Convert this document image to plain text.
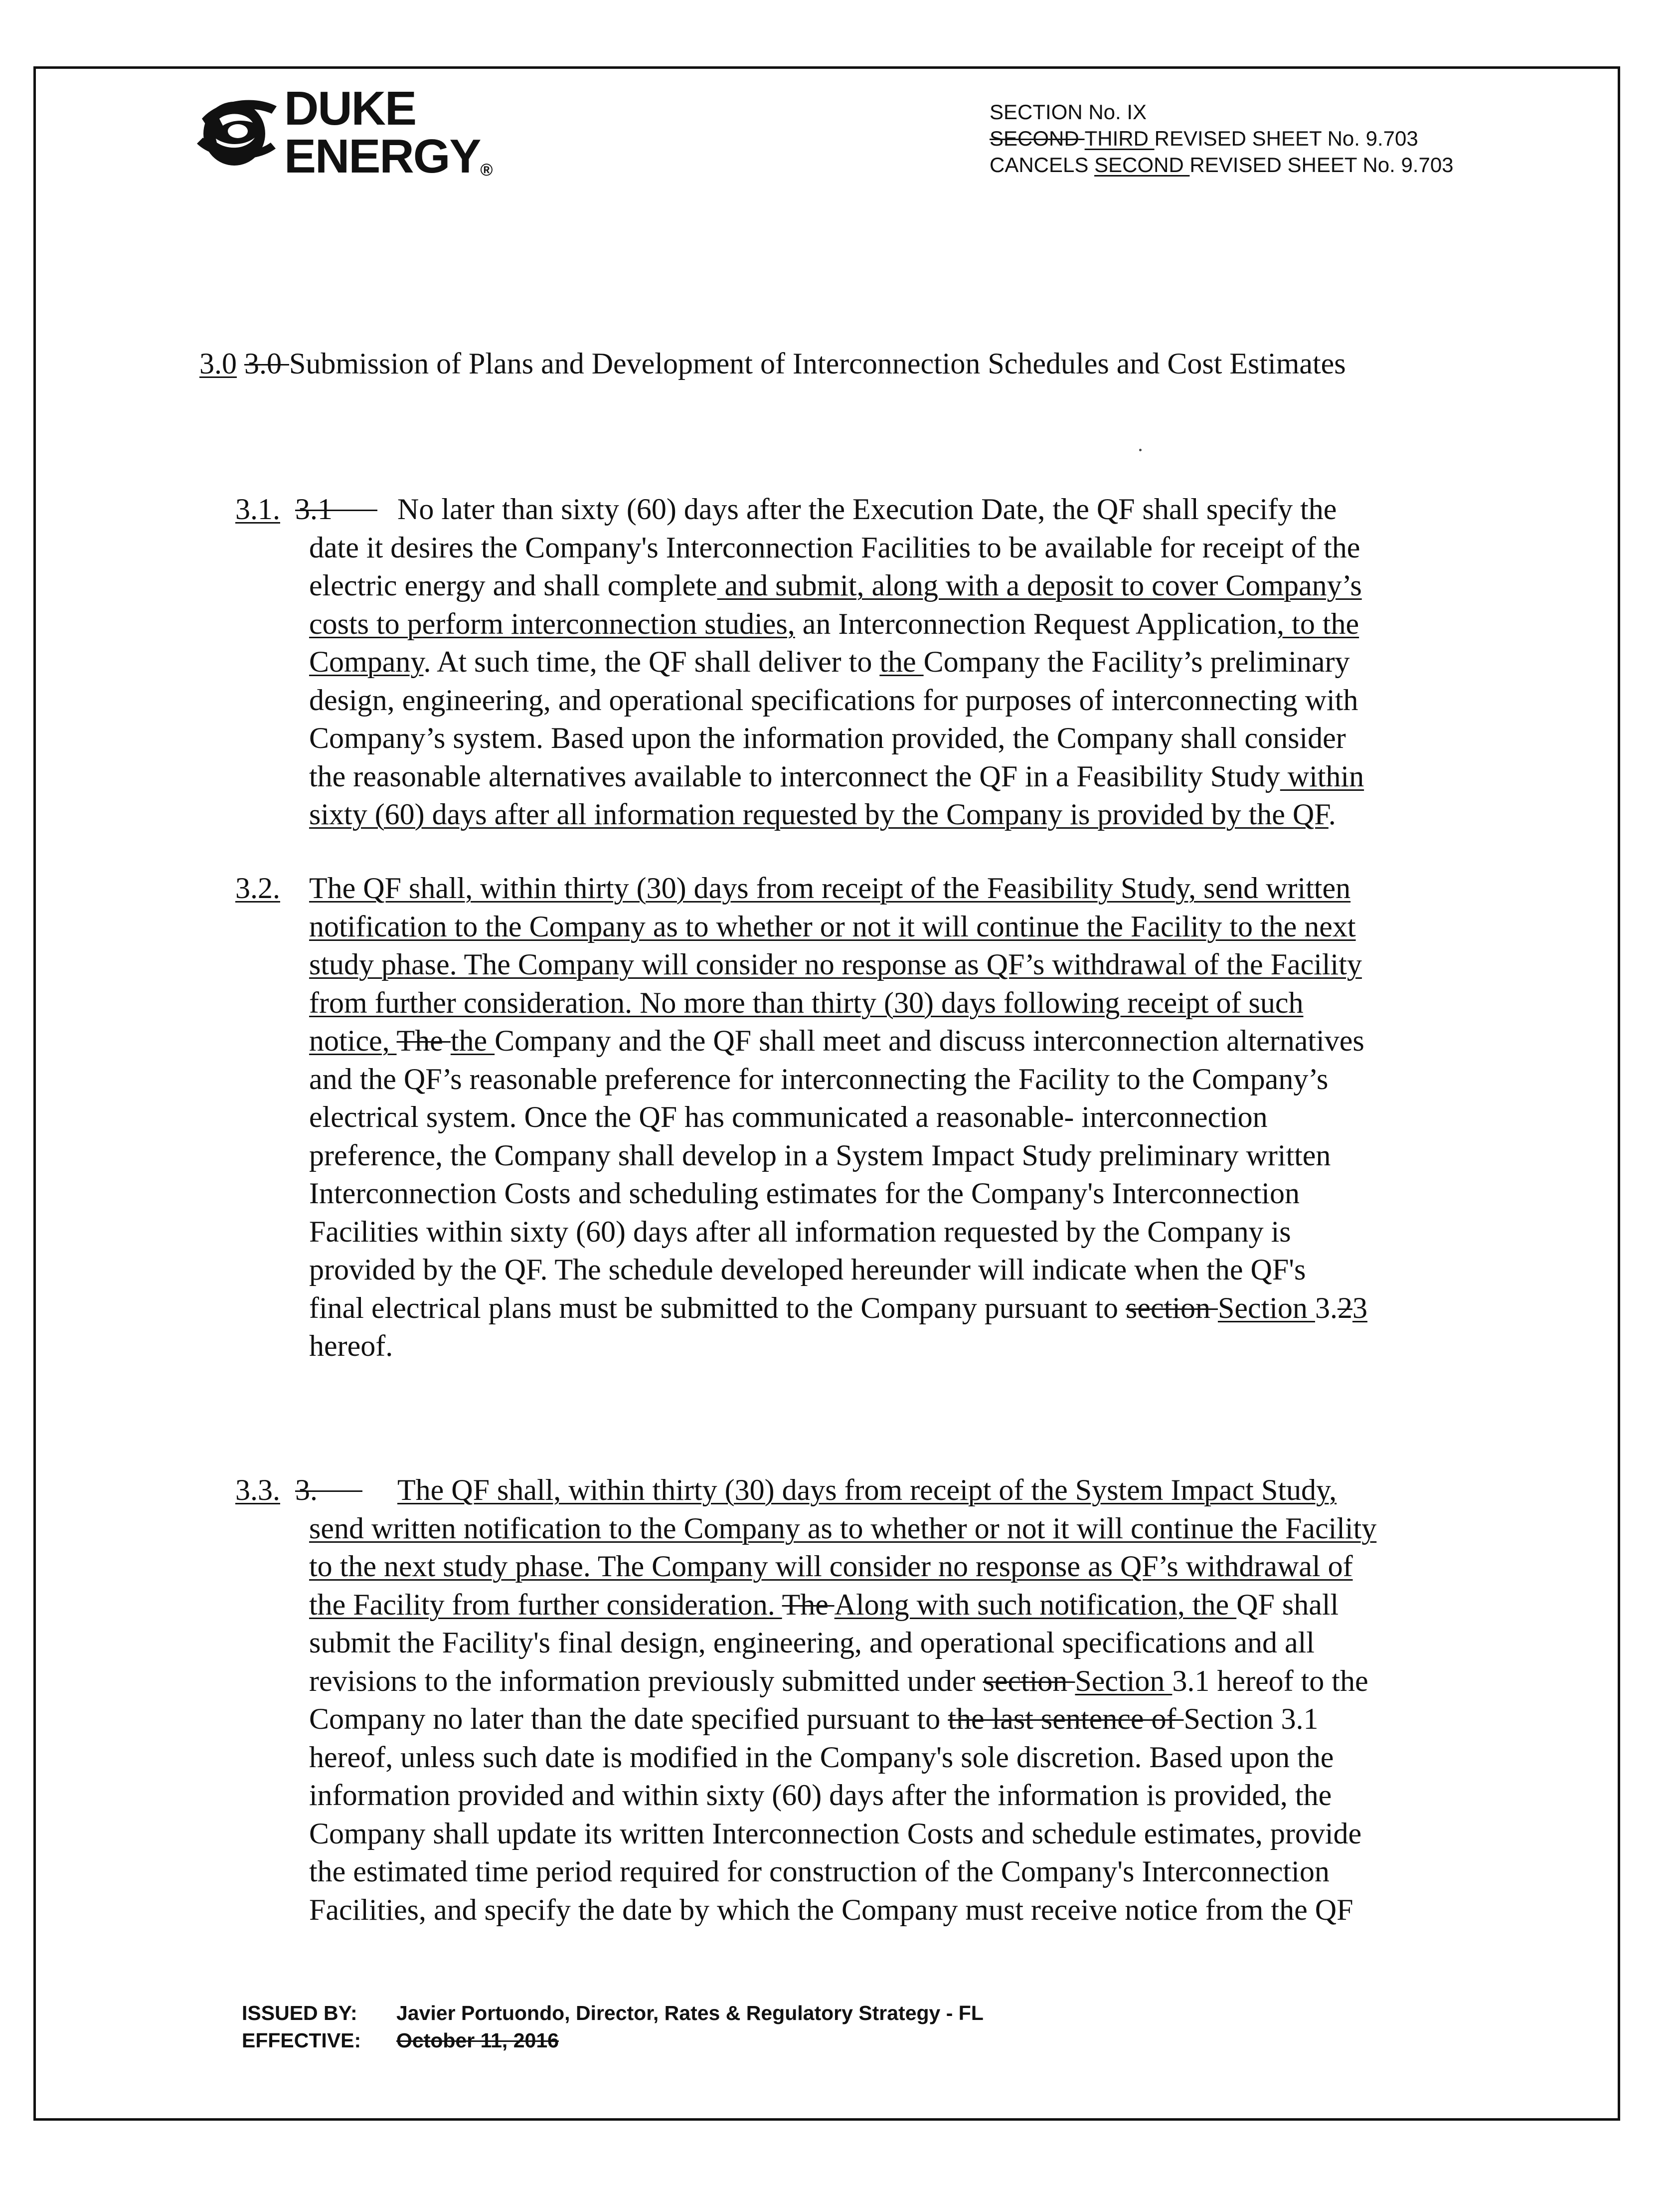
DUKE
ENERGY®
SECTION No. IX
SECOND THIRD REVISED SHEET No. 9.703
CANCELS SECOND REVISED SHEET No. 9.703
3.0 3.0 Submission of Plans and Development of Interconnection Schedules and Cost Estimates
3.1. 3.1	No later than sixty (60) days after the Execution Date, the QF shall specify the
date it desires the Company's Interconnection Facilities to be available for receipt of the
electric energy and shall complete and submit, along with a deposit to cover Company’s
costs to perform interconnection studies, an Interconnection Request Application, to the
Company. At such time, the QF shall deliver to the Company the Facility’s preliminary
design, engineering, and operational specifications for purposes of interconnecting with
Company’s system. Based upon the information provided, the Company shall consider
the reasonable alternatives available to interconnect the QF in a Feasibility Study within
sixty (60) days after all information requested by the Company is provided by the QF.
3.2. The QF shall, within thirty (30) days from receipt of the Feasibility Study, send written
notification to the Company as to whether or not it will continue the Facility to the next
study phase. The Company will consider no response as QF’s withdrawal of the Facility
from further consideration. No more than thirty (30) days following receipt of such
notice, The the Company and the QF shall meet and discuss interconnection alternatives
and the QF’s reasonable preference for interconnecting the Facility to the Company’s
electrical system. Once the QF has communicated a reasonable- interconnection
preference, the Company shall develop in a System Impact Study preliminary written
Interconnection Costs and scheduling estimates for the Company's Interconnection
Facilities within sixty (60) days after all information requested by the Company is
provided by the QF. The schedule developed hereunder will indicate when the QF's
final electrical plans must be submitted to the Company pursuant to section Section 3.23
hereof.
3.3. 3.	The QF shall, within thirty (30) days from receipt of the System Impact Study,
send written notification to the Company as to whether or not it will continue the Facility
to the next study phase. The Company will consider no response as QF’s withdrawal of
the Facility from further consideration. The Along with such notification, the QF shall
submit the Facility's final design, engineering, and operational specifications and all
revisions to the information previously submitted under section Section 3.1 hereof to the
Company no later than the date specified pursuant to the last sentence of Section 3.1
hereof, unless such date is modified in the Company's sole discretion. Based upon the
information provided and within sixty (60) days after the information is provided, the
Company shall update its written Interconnection Costs and schedule estimates, provide
the estimated time period required for construction of the Company's Interconnection
Facilities, and specify the date by which the Company must receive notice from the QF
ISSUED BY: Javier Portuondo, Director, Rates & Regulatory Strategy - FL
EFFECTIVE: October 11, 2016
